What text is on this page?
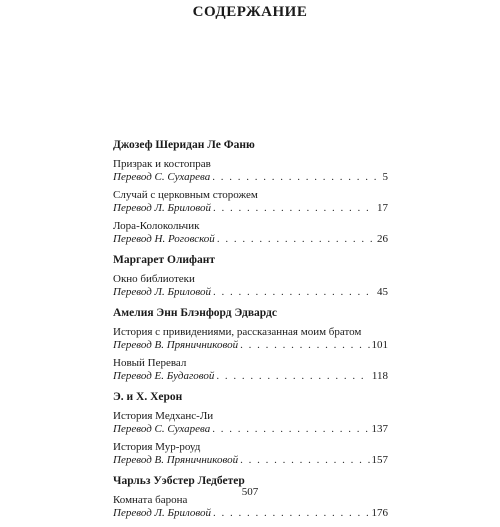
СОДЕРЖАНИЕ
Джозеф Шеридан Ле Фаню
Призрак и костоправ
Перевод С. Сухарева . . .	5
Случай с церковным сторожем
Перевод Л. Бриловой . . .	17
Лора-Колокольчик
Перевод Н. Роговской . . .	26
Маргарет Олифант
Окно библиотеки
Перевод Л. Бриловой . . .	45
Амелия Энн Блэнфорд Эдвардс
История с привидениями, рассказанная моим братом
Перевод В. Пряничниковой . . .	101
Новый Перевал
Перевод Е. Будаговой . . .	118
Э. и Х. Херон
История Медханс-Ли
Перевод С. Сухарева . . .	137
История Мур-роуд
Перевод В. Пряничниковой . . .	157
Чарльз Уэбстер Ледбетер
Комната барона
Перевод Л. Бриловой . . .	176
507
